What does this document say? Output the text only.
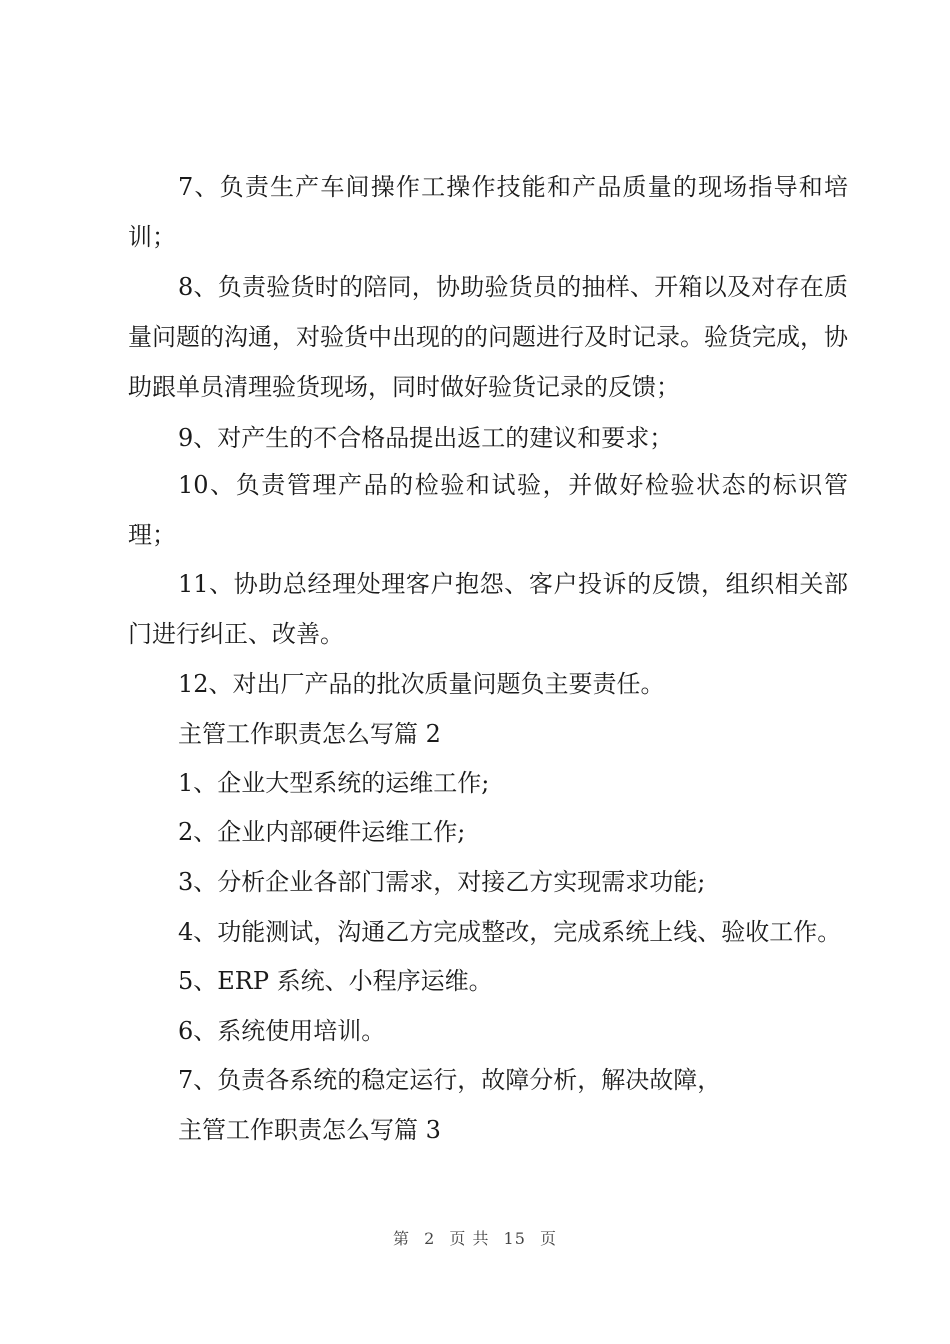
7、负责生产车间操作工操作技能和产品质量的现场指导和培训；
8、负责验货时的陪同，协助验货员的抽样、开箱以及对存在质量问题的沟通，对验货中出现的的问题进行及时记录。验货完成，协助跟单员清理验货现场，同时做好验货记录的反馈；
9、对产生的不合格品提出返工的建议和要求；
10、负责管理产品的检验和试验，并做好检验状态的标识管理；
11、协助总经理处理客户抱怨、客户投诉的反馈，组织相关部门进行纠正、改善。
12、对出厂产品的批次质量问题负主要责任。
主管工作职责怎么写篇 2
1、企业大型系统的运维工作;
2、企业内部硬件运维工作;
3、分析企业各部门需求，对接乙方实现需求功能;
4、功能测试，沟通乙方完成整改，完成系统上线、验收工作。
5、ERP 系统、小程序运维。
6、系统使用培训。
7、负责各系统的稳定运行，故障分析，解决故障，
主管工作职责怎么写篇 3
第 2 页 共 15 页
